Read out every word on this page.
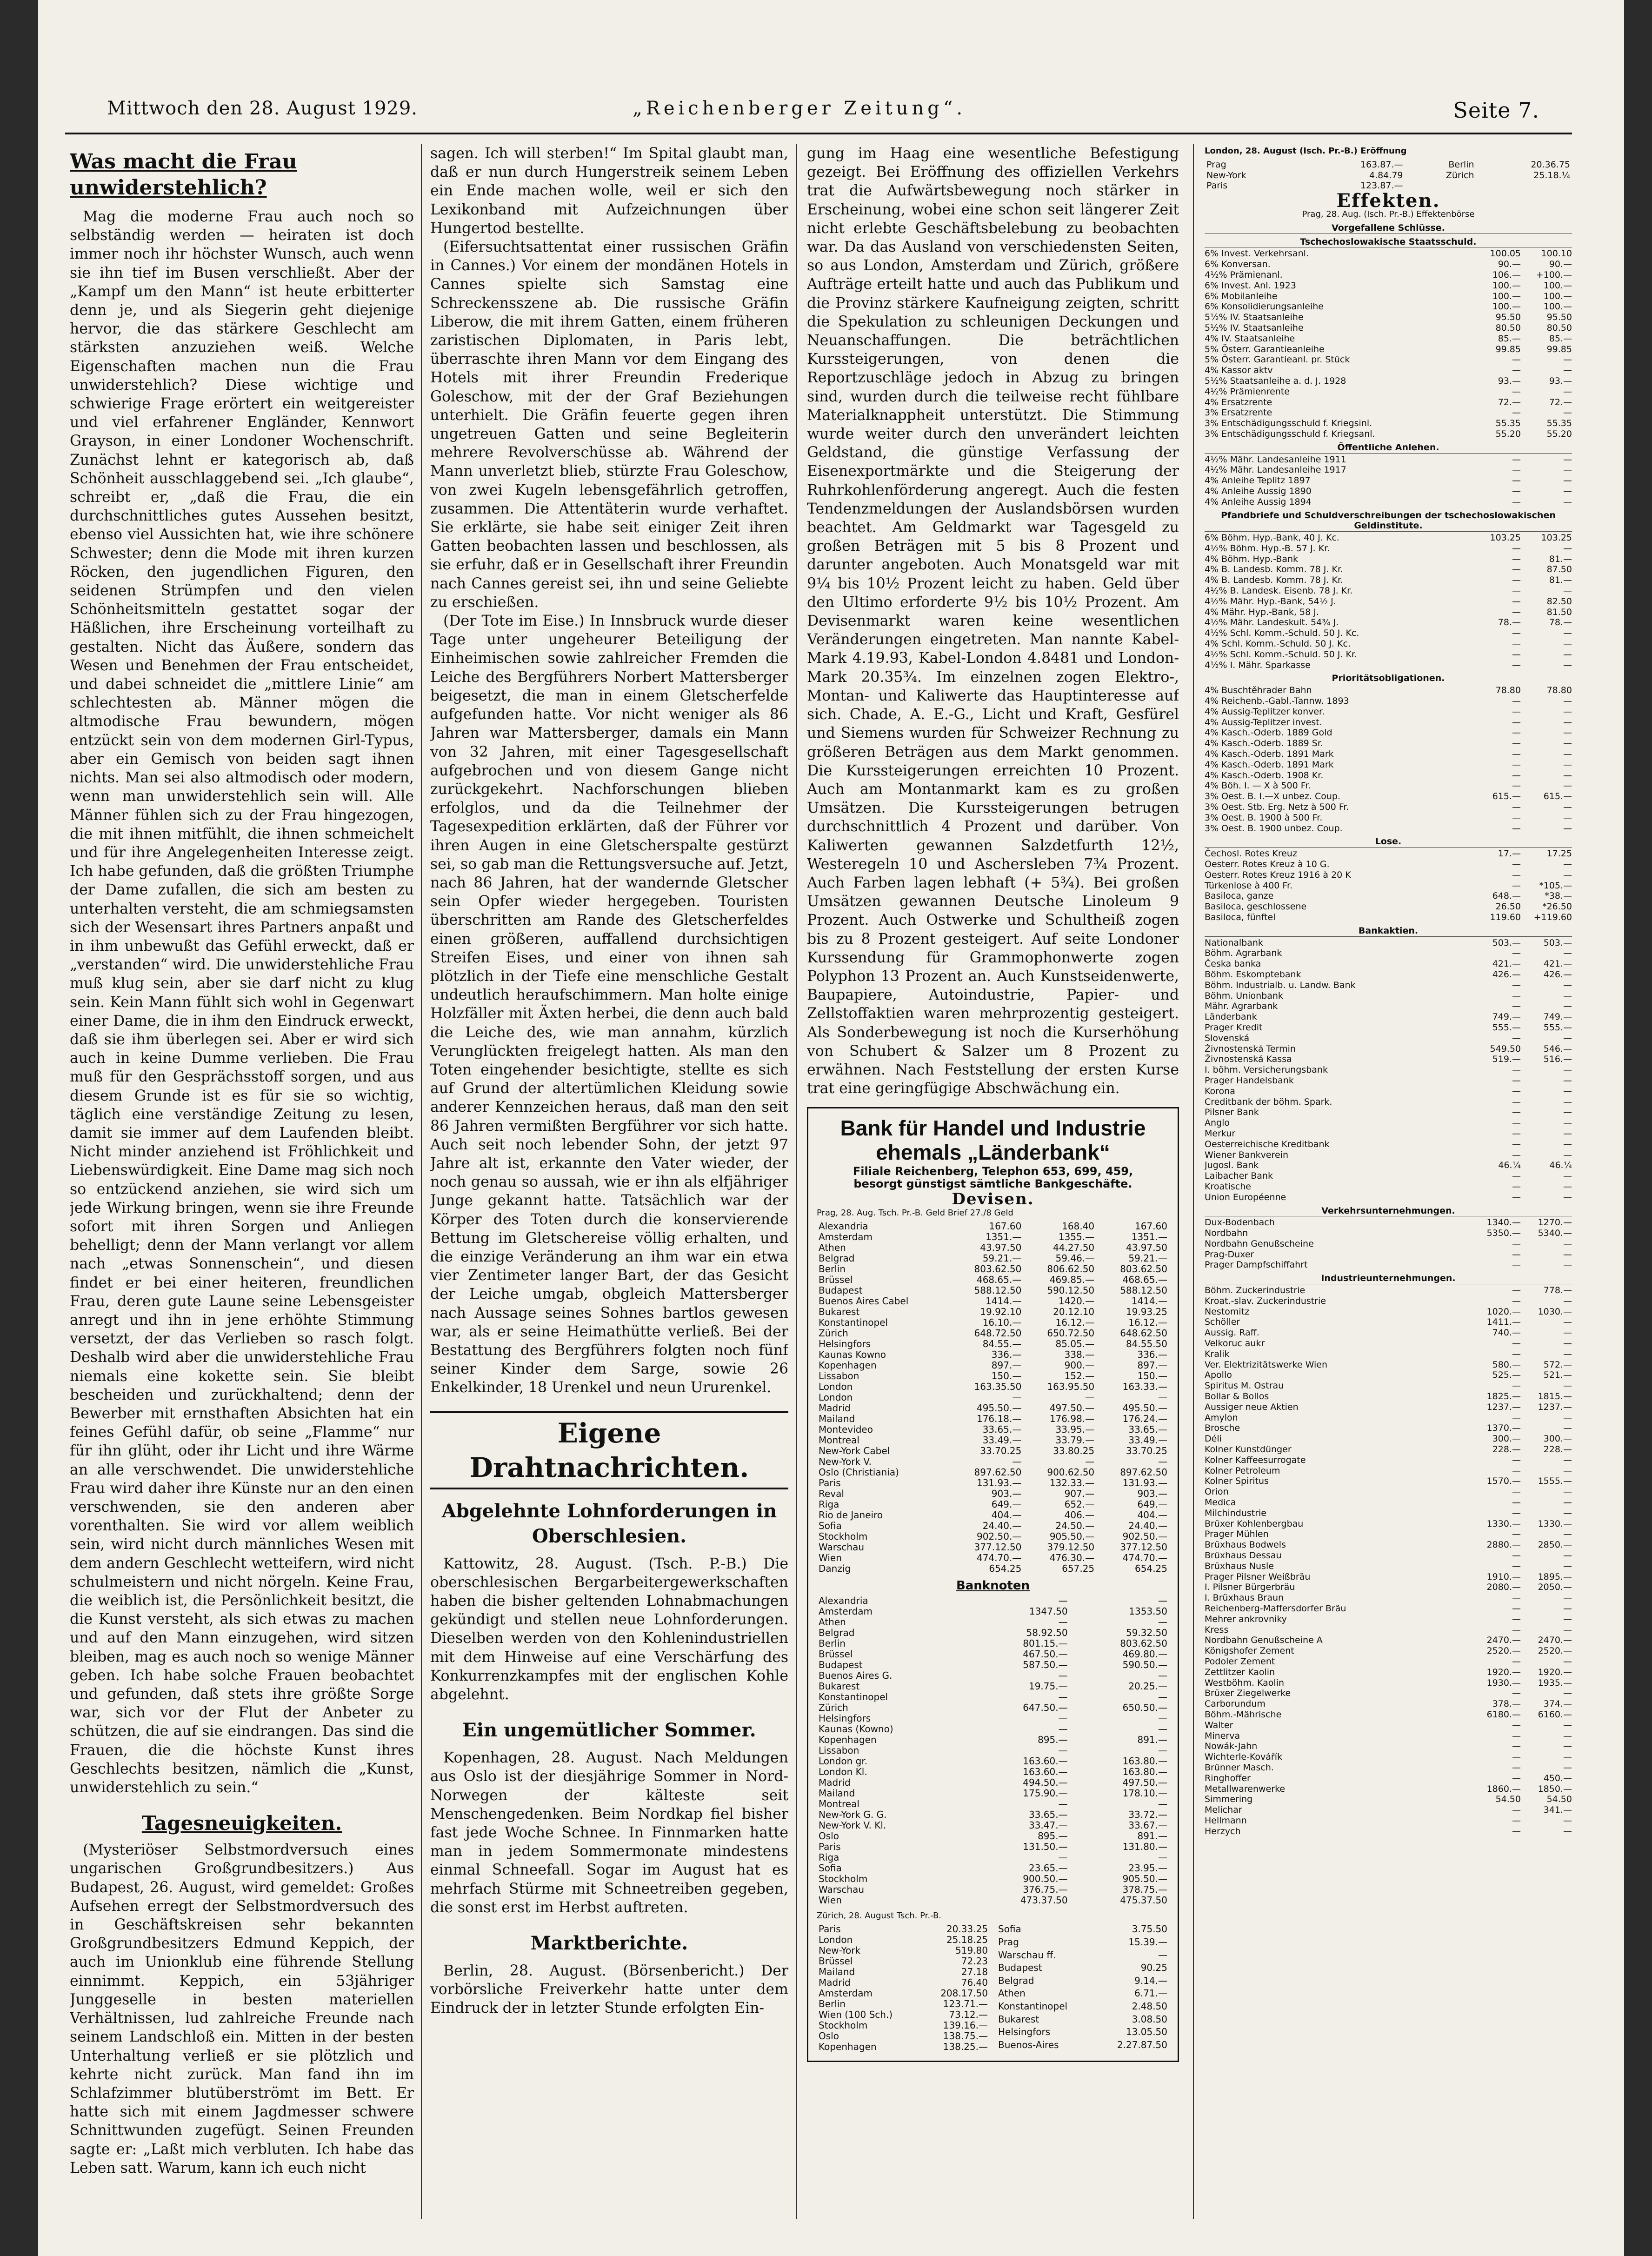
Mittwoch den 28. August 1929.	„Reichenberger Zeitung“.	Seite 7.
Was macht die Frau unwiderstehlich?

Mag die moderne Frau auch noch so selbständig werden — heiraten ist doch immer noch ihr höchster Wunsch, auch wenn sie ihn tief im Busen verschließt. Aber der „Kampf um den Mann“ ist heute erbitterter denn je, und als Siegerin geht diejenige hervor, die das stärkere Geschlecht am stärksten anzuziehen weiß. Welche Eigenschaften machen nun die Frau unwiderstehlich? Diese wichtige und schwierige Frage erörtert ein weitgereister und viel erfahrener Engländer, Kennwort Grayson, in einer Londoner Wochenschrift. Zunächst lehnt er kategorisch ab, daß Schönheit ausschlaggebend sei. „Ich glaube“, schreibt er, „daß die Frau, die ein durchschnittliches gutes Aussehen besitzt, ebenso viel Aussichten hat, wie ihre schönere Schwester; denn die Mode mit ihren kurzen Röcken, den jugendlichen Figuren, den seidenen Strümpfen und den vielen Schönheitsmitteln gestattet sogar der Häßlichen, ihre Erscheinung vorteilhaft zu gestalten. Nicht das Äußere, sondern das Wesen und Benehmen der Frau entscheidet, und dabei schneidet die „mittlere Linie“ am schlechtesten ab. Männer mögen die altmodische Frau bewundern, mögen entzückt sein von dem modernen Girl-Typus, aber ein Gemisch von beiden sagt ihnen nichts. Man sei also altmodisch oder modern, wenn man unwiderstehlich sein will. Alle Männer fühlen sich zu der Frau hingezogen, die mit ihnen mitfühlt, die ihnen schmeichelt und für ihre Angelegenheiten Interesse zeigt. Ich habe gefunden, daß die größten Triumphe der Dame zufallen, die sich am besten zu unterhalten versteht, die am schmiegsamsten sich der Wesensart ihres Partners anpaßt und in ihm unbewußt das Gefühl erweckt, daß er „verstanden“ wird. Die unwiderstehliche Frau muß klug sein, aber sie darf nicht zu klug sein. Kein Mann fühlt sich wohl in Gegenwart einer Dame, die in ihm den Eindruck erweckt, daß sie ihm überlegen sei. Aber er wird sich auch in keine Dumme verlieben. Die Frau muß für den Gesprächsstoff sorgen, und aus diesem Grunde ist es für sie so wichtig, täglich eine verständige Zeitung zu lesen, damit sie immer auf dem Laufenden bleibt. Nicht minder anziehend ist Fröhlichkeit und Liebenswürdigkeit. Eine Dame mag sich noch so entzückend anziehen, sie wird sich um jede Wirkung bringen, wenn sie ihre Freunde sofort mit ihren Sorgen und Anliegen behelligt; denn der Mann verlangt vor allem nach „etwas Sonnenschein“, und diesen findet er bei einer heiteren, freundlichen Frau, deren gute Laune seine Lebensgeister anregt und ihn in jene erhöhte Stimmung versetzt, der das Verlieben so rasch folgt. Deshalb wird aber die unwiderstehliche Frau niemals eine kokette sein. Sie bleibt bescheiden und zurückhaltend; denn der Bewerber mit ernsthaften Absichten hat ein feines Gefühl dafür, ob seine „Flamme“ nur für ihn glüht, oder ihr Licht und ihre Wärme an alle verschwendet. Die unwiderstehliche Frau wird daher ihre Künste nur an den einen verschwenden, sie den anderen aber vorenthalten. Sie wird vor allem weiblich sein, wird nicht durch männliches Wesen mit dem andern Geschlecht wetteifern, wird nicht schulmeistern und nicht nörgeln. Keine Frau, die weiblich ist, die Persönlichkeit besitzt, die die Kunst versteht, als sich etwas zu machen und auf den Mann einzugehen, wird sitzen bleiben, mag es auch noch so wenige Männer geben. Ich habe solche Frauen beobachtet und gefunden, daß stets ihre größte Sorge war, sich vor der Flut der Anbeter zu schützen, die auf sie eindrangen. Das sind die Frauen, die die höchste Kunst ihres Geschlechts besitzen, nämlich die „Kunst, unwiderstehlich zu sein.“

Tagesneuigkeiten.

(Mysteriöser Selbstmordversuch eines ungarischen Großgrundbesitzers.) Aus Budapest, 26. August, wird gemeldet: Großes Aufsehen erregt der Selbstmordversuch des in Geschäftskreisen sehr bekannten Großgrundbesitzers Edmund Keppich, der auch im Unionklub eine führende Stellung einnimmt. Keppich, ein 53jähriger Junggeselle in besten materiellen Verhältnissen, lud zahlreiche Freunde nach seinem Landschloß ein. Mitten in der besten Unterhaltung verließ er sie plötzlich und kehrte nicht zurück. Man fand ihn im Schlafzimmer blutüberströmt im Bett. Er hatte sich mit einem Jagdmesser schwere Schnittwunden zugefügt. Seinen Freunden sagte er: „Laßt mich verbluten. Ich habe das Leben satt. Warum, kann ich euch nicht

sagen. Ich will sterben!“ Im Spital glaubt man, daß er nun durch Hungerstreik seinem Leben ein Ende machen wolle, weil er sich den Lexikonband mit Aufzeichnungen über Hungertod bestellte.

(Eifersuchtsattentat einer russischen Gräfin in Cannes.) Vor einem der mondänen Hotels in Cannes spielte sich Samstag eine Schreckensszene ab. Die russische Gräfin Liberow, die mit ihrem Gatten, einem früheren zaristischen Diplomaten, in Paris lebt, überraschte ihren Mann vor dem Eingang des Hotels mit ihrer Freundin Frederique Goleschow, mit der der Graf Beziehungen unterhielt. Die Gräfin feuerte gegen ihren ungetreuen Gatten und seine Begleiterin mehrere Revolverschüsse ab. Während der Mann unverletzt blieb, stürzte Frau Goleschow, von zwei Kugeln lebensgefährlich getroffen, zusammen. Die Attentäterin wurde verhaftet. Sie erklärte, sie habe seit einiger Zeit ihren Gatten beobachten lassen und beschlossen, als sie erfuhr, daß er in Gesellschaft ihrer Freundin nach Cannes gereist sei, ihn und seine Geliebte zu erschießen.

(Der Tote im Eise.) In Innsbruck wurde dieser Tage unter ungeheurer Beteiligung der Einheimischen sowie zahlreicher Fremden die Leiche des Bergführers Norbert Mattersberger beigesetzt, die man in einem Gletscherfelde aufgefunden hatte. Vor nicht weniger als 86 Jahren war Mattersberger, damals ein Mann von 32 Jahren, mit einer Tagesgesellschaft aufgebrochen und von diesem Gange nicht zurückgekehrt. Nachforschungen blieben erfolglos, und da die Teilnehmer der Tagesexpedition erklärten, daß der Führer vor ihren Augen in eine Gletscherspalte gestürzt sei, so gab man die Rettungsversuche auf. Jetzt, nach 86 Jahren, hat der wandernde Gletscher sein Opfer wieder hergegeben. Touristen überschritten am Rande des Gletscherfeldes einen größeren, auffallend durchsichtigen Streifen Eises, und einer von ihnen sah plötzlich in der Tiefe eine menschliche Gestalt undeutlich heraufschimmern. Man holte einige Holzfäller mit Äxten herbei, die denn auch bald die Leiche des, wie man annahm, kürzlich Verunglückten freigelegt hatten. Als man den Toten eingehender besichtigte, stellte es sich auf Grund der altertümlichen Kleidung sowie anderer Kennzeichen heraus, daß man den seit 86 Jahren vermißten Bergführer vor sich hatte. Auch seit noch lebender Sohn, der jetzt 97 Jahre alt ist, erkannte den Vater wieder, der noch genau so aussah, wie er ihn als elfjähriger Junge gekannt hatte. Tatsächlich war der Körper des Toten durch die konservierende Bettung im Gletschereise völlig erhalten, und die einzige Veränderung an ihm war ein etwa vier Zentimeter langer Bart, der das Gesicht der Leiche umgab, obgleich Mattersberger nach Aussage seines Sohnes bartlos gewesen war, als er seine Heimathütte verließ. Bei der Bestattung des Bergführers folgten noch fünf seiner Kinder dem Sarge, sowie 26 Enkelkinder, 18 Urenkel und neun Ururenkel.

Eigene Drahtnachrichten.
Abgelehnte Lohnforderungen in Oberschlesien.

Kattowitz, 28. August. (Tsch. P.-B.) Die oberschlesischen Bergarbeitergewerkschaften haben die bisher geltenden Lohnabmachungen gekündigt und stellen neue Lohnforderungen. Dieselben werden von den Kohlenindustriellen mit dem Hinweise auf eine Verschärfung des Konkurrenzkampfes mit der englischen Kohle abgelehnt.

Ein ungemütlicher Sommer.

Kopenhagen, 28. August. Nach Meldungen aus Oslo ist der diesjährige Sommer in Nord-Norwegen der kälteste seit Menschengedenken. Beim Nordkap fiel bisher fast jede Woche Schnee. In Finnmarken hatte man in jedem Sommermonate mindestens einmal Schneefall. Sogar im August hat es mehrfach Stürme mit Schneetreiben gegeben, die sonst erst im Herbst auftreten.

Marktberichte.

Berlin, 28. August. (Börsenbericht.) Der vorbörsliche Freiverkehr hatte unter dem Eindruck der in letzter Stunde erfolgten Ein-

gung im Haag eine wesentliche Befestigung gezeigt. Bei Eröffnung des offiziellen Verkehrs trat die Aufwärtsbewegung noch stärker in Erscheinung, wobei eine schon seit längerer Zeit nicht erlebte Geschäftsbelebung zu beobachten war. Da das Ausland von verschiedensten Seiten, so aus London, Amsterdam und Zürich, größere Aufträge erteilt hatte und auch das Publikum und die Provinz stärkere Kaufneigung zeigten, schritt die Spekulation zu schleunigen Deckungen und Neuanschaffungen. Die beträchtlichen Kurssteigerungen, von denen die Reportzuschläge jedoch in Abzug zu bringen sind, wurden durch die teilweise recht fühlbare Materialknappheit unterstützt. Die Stimmung wurde weiter durch den unverändert leichten Geldstand, die günstige Verfassung der Eisenexportmärkte und die Steigerung der Ruhrkohlenförderung angeregt. Auch die festen Tendenzmeldungen der Auslandsbörsen wurden beachtet. Am Geldmarkt war Tagesgeld zu großen Beträgen mit 5 bis 8 Prozent und darunter angeboten. Auch Monatsgeld war mit 9¼ bis 10½ Prozent leicht zu haben. Geld über den Ultimo erforderte 9½ bis 10½ Prozent. Am Devisenmarkt waren keine wesentlichen Veränderungen eingetreten. Man nannte Kabel-Mark 4.19.93, Kabel-London 4.8481 und London-Mark 20.35¾. Im einzelnen zogen Elektro-, Montan- und Kaliwerte das Hauptinteresse auf sich. Chade, A. E.-G., Licht und Kraft, Gesfürel und Siemens wurden für Schweizer Rechnung zu größeren Beträgen aus dem Markt genommen. Die Kurssteigerungen erreichten 10 Prozent. Auch am Montanmarkt kam es zu großen Umsätzen. Die Kurssteigerungen betrugen durchschnittlich 4 Prozent und darüber. Von Kaliwerten gewannen Salzdetfurth 12½, Westeregeln 10 und Aschersleben 7¾ Prozent. Auch Farben lagen lebhaft (+ 5¾). Bei großen Umsätzen gewannen Deutsche Linoleum 9 Prozent. Auch Ostwerke und Schultheiß zogen bis zu 8 Prozent gesteigert. Auf seite Londoner Kurssendung für Grammophonwerte zogen Polyphon 13 Prozent an. Auch Kunstseidenwerte, Baupapiere, Autoindustrie, Papier- und Zellstoffaktien waren mehrprozentig gesteigert. Als Sonderbewegung ist noch die Kurserhöhung von Schubert & Salzer um 8 Prozent zu erwähnen. Nach Feststellung der ersten Kurse trat eine geringfügige Abschwächung ein.

Bank für Handel und Industrie ehemals „Länderbank“
Filiale Reichenberg, Telephon 653, 699, 459,
besorgt günstigst sämtliche Bankgeschäfte.
Devisen.
Prag, 28. Aug. Tsch. Pr.-B. Geld Brief 27./8 Geld
Alexandria	167.60	168.40	167.60
Amsterdam	1351.—	1355.—	1351.—
Athen	43.97.50	44.27.50	43.97.50
Belgrad	59.21.—	59.46.—	59.21.—
Berlin	803.62.50	806.62.50	803.62.50
Brüssel	468.65.—	469.85.—	468.65.—
Budapest	588.12.50	590.12.50	588.12.50
Buenos Aires Cabel	1414.—	1420.—	1414.—
Bukarest	19.92.10	20.12.10	19.93.25
Konstantinopel	16.10.—	16.12.—	16.12.—
Zürich	648.72.50	650.72.50	648.62.50
Helsingfors	84.55.—	85.05.—	84.55.50
Kaunas Kowno	336.—	338.—	336.—
Kopenhagen	897.—	900.—	897.—
Lissabon	150.—	152.—	150.—
London	163.35.50	163.95.50	163.33.—
London	—	—	—
Madrid	495.50.—	497.50.—	495.50.—
Mailand	176.18.—	176.98.—	176.24.—
Montevideo	33.65.—	33.95.—	33.65.—
Montreal	33.49.—	33.79.—	33.49.—
New-York Cabel	33.70.25	33.80.25	33.70.25
New-York V.	—	—	—
Oslo (Christiania)	897.62.50	900.62.50	897.62.50
Paris	131.93.—	132.33.—	131.93.—
Reval	903.—	907.—	903.—
Riga	649.—	652.—	649.—
Rio de Janeiro	404.—	406.—	404.—
Sofia	24.40.—	24.50.—	24.40.—
Stockholm	902.50.—	905.50.—	902.50.—
Warschau	377.12.50	379.12.50	377.12.50
Wien	474.70.—	476.30.—	474.70.—
Danzig	654.25	657.25	654.25
Banknoten
Alexandria	—	—
Amsterdam	1347.50	1353.50
Athen	—	—
Belgrad	58.92.50	59.32.50
Berlin	801.15.—	803.62.50
Brüssel	467.50.—	469.80.—
Budapest	587.50.—	590.50.—
Buenos Aires G.	—	—
Bukarest	19.75.—	20.25.—
Konstantinopel	—	—
Zürich	647.50.—	650.50.—
Helsingfors	—	—
Kaunas (Kowno)	—	—
Kopenhagen	895.—	891.—
Lissabon	—	—
London gr.	163.60.—	163.80.—
London Kl.	163.60.—	163.80.—
Madrid	494.50.—	497.50.—
Mailand	175.90.—	178.10.—
Montreal	—	—
New-York G. G.	33.65.—	33.72.—
New-York V. Kl.	33.47.—	33.67.—
Oslo	895.—	891.—
Paris	131.50.—	131.80.—
Riga	—	—
Sofia	23.65.—	23.95.—
Stockholm	900.50.—	905.50.—
Warschau	376.75.—	378.75.—
Wien	473.37.50	475.37.50
Zürich, 28. August Tsch. Pr.-B.
Paris	20.33.25
London	25.18.25
New-York	519.80
Brüssel	72.23
Mailand	27.18
Madrid	76.40
Amsterdam	208.17.50
Berlin	123.71.—
Wien (100 Sch.)	73.12.—
Stockholm	139.16.—
Oslo	138.75.—
Kopenhagen	138.25.—
Sofia	3.75.50
Prag	15.39.—
Warschau ff.	—
Budapest	90.25
Belgrad	9.14.—
Athen	6.71.—
Konstantinopel	2.48.50
Bukarest	3.08.50
Helsingfors	13.05.50
Buenos-Aires	2.27.87.50
London, 28. August (Isch. Pr.-B.) Eröffnung
Prag	163.87.—	Berlin	20.36.75
New-York	4.84.79	Zürich	25.18.¼
Paris	123.87.—		
Effekten.
Prag, 28. Aug. (Isch. Pr.-B.) Effektenbörse
Vorgefallene Schlüsse.
Tschechoslowakische Staatsschuld.
6% Invest. Verkehrsanl.	100.05	100.10
6% Konversan.	90.—	90.—
4½% Prämienanl.	106.—	+100.—
6% Invest. Anl. 1923	100.—	100.—
6% Mobilanleihe	100.—	100.—
6% Konsolidierungsanleihe	100.—	100.—
5½% IV. Staatsanleihe	95.50	95.50
5½% IV. Staatsanleihe	80.50	80.50
4% IV. Staatsanleihe	85.—	85.—
5% Österr. Garantieanleihe	99.85	99.85
5% Österr. Garantieanl. pr. Stück	—	—
4% Kassor aktv	—	—
5½% Staatsanleihe a. d. J. 1928	93.—	93.—
4½% Prämienrente	—	—
4% Ersatzrente	72.—	72.—
3% Ersatzrente	—	—
3% Entschädigungsschuld f. Kriegsinl.	55.35	55.35
3% Entschädigungsschuld f. Kriegsanl.	55.20	55.20
Öffentliche Anlehen.
4½% Mähr. Landesanleihe 1911	—	—
4½% Mähr. Landesanleihe 1917	—	—
4% Anleihe Teplitz 1897	—	—
4% Anleihe Aussig 1890	—	—
4% Anleihe Aussig 1894	—	—
Pfandbriefe und Schuldverschreibungen der tschechoslowakischen Geldinstitute.
6% Böhm. Hyp.-Bank, 40 J. Kc.	103.25	103.25
4½% Böhm. Hyp.-B. 57 J. Kr.	—	—
4% Böhm. Hyp.-Bank	—	81.—
4% B. Landesb. Komm. 78 J. Kr.	—	87.50
4% B. Landesb. Komm. 78 J. Kr.	—	81.—
4½% B. Landesk. Eisenb. 78 J. Kr.	—	—
4½% Mähr. Hyp.-Bank, 54½ J.	—	82.50
4% Mähr. Hyp.-Bank, 58 J.	—	81.50
4½% Mähr. Landeskult. 54¾ J.	78.—	78.—
4½% Schl. Komm.-Schuld. 50 J. Kc.	—	—
4% Schl. Komm.-Schuld. 50 J. Kc.	—	—
4½% Schl. Komm.-Schuld. 50 J. Kr.	—	—
4½% I. Mähr. Sparkasse	—	—
Prioritätsobligationen.
4% Buschtěhrader Bahn	78.80	78.80
4% Reichenb.-Gabl.-Tannw. 1893	—	—
4% Aussig-Teplitzer konver.	—	—
4% Aussig-Teplitzer invest.	—	—
4% Kasch.-Oderb. 1889 Gold	—	—
4% Kasch.-Oderb. 1889 Sr.	—	—
4% Kasch.-Oderb. 1891 Mark	—	—
4% Kasch.-Oderb. 1891 Mark	—	—
4% Kasch.-Oderb. 1908 Kr.	—	—
4% Böh. I. — X à 500 Fr.	—	—
3% Oest. B. I.—X unbez. Coup.	615.—	615.—
3% Oest. Stb. Erg. Netz à 500 Fr.	—	—
3% Oest. B. 1900 à 500 Fr.	—	—
3% Oest. B. 1900 unbez. Coup.	—	—
Lose.
Čechosl. Rotes Kreuz	17.—	17.25
Oesterr. Rotes Kreuz à 10 G.	—	—
Oesterr. Rotes Kreuz 1916 à 20 K	—	—
Türkenlose à 400 Fr.	—	*105.—
Basiloca, ganze	648.—	*38.—
Basiloca, geschlossene	26.50	*26.50
Basiloca, fünftel	119.60	+119.60
Bankaktien.
Nationalbank	503.—	503.—
Böhm. Agrarbank	—	—
Česka banka	421.—	421.—
Böhm. Eskomptebank	426.—	426.—
Böhm. Industrialb. u. Landw. Bank	—	—
Böhm. Unionbank	—	—
Mähr. Agrarbank	—	—
Länderbank	749.—	749.—
Prager Kredit	555.—	555.—
Slovenská	—	—
Živnostenská Termin	549.50	546.—
Živnostenská Kassa	519.—	516.—
I. böhm. Versicherungsbank	—	—
Prager Handelsbank	—	—
Korona	—	—
Creditbank der böhm. Spark.	—	—
Pilsner Bank	—	—
Anglo	—	—
Merkur	—	—
Oesterreichische Kreditbank	—	—
Wiener Bankverein	—	—
Jugosl. Bank	46.¼	46.¼
Laibacher Bank	—	—
Kroatische	—	—
Union Européenne	—	—
Verkehrsunternehmungen.
Dux-Bodenbach	1340.—	1270.—
Nordbahn	5350.—	5340.—
Nordbahn Genußscheine	—	—
Prag-Duxer	—	—
Prager Dampfschiffahrt	—	—
Industrieunternehmungen.
Böhm. Zuckerindustrie	—	778.—
Kroat.-slav. Zuckerindustrie	—	—
Nestomitz	1020.—	1030.—
Schöller	1411.—	—
Aussig. Raff.	740.—	—
Velkoruc aukr	—	—
Kralik	—	—
Ver. Elektrizitätswerke Wien	580.—	572.—
Apollo	525.—	521.—
Spiritus M. Ostrau	—	—
Bollar & Bollos	1825.—	1815.—
Aussiger neue Aktien	1237.—	1237.—
Amylon	—	—
Brosche	1370.—	—
Déli	300.—	300.—
Kolner Kunstdünger	228.—	228.—
Kolner Kaffeesurrogate	—	—
Kolner Petroleum	—	—
Kolner Spiritus	1570.—	1555.—
Orion	—	—
Medica	—	—
Milchindustrie	—	—
Brüxer Kohlenbergbau	1330.—	1330.—
Prager Mühlen	—	—
Brüxhaus Bodwels	2880.—	2850.—
Brüxhaus Dessau	—	—
Brüxhaus Nusle	—	—
Prager Pilsner Weißbräu	1910.—	1895.—
I. Pilsner Bürgerbräu	2080.—	2050.—
I. Brüxhaus Braun	—	—
Reichenberg-Maffersdorfer Bräu	—	—
Mehrer ankrovniky	—	—
Kress	—	—
Nordbahn Genußscheine A	2470.—	2470.—
Königshofer Zement	2520.—	2520.—
Podoler Zement	—	—
Zettlitzer Kaolin	1920.—	1920.—
Westböhm. Kaolin	1930.—	1935.—
Brüxer Ziegelwerke	—	—
Carborundum	378.—	374.—
Böhm.-Mährische	6180.—	6160.—
Walter	—	—
Minerva	—	—
Nowák-Jahn	—	—
Wichterle-Kovářík	—	—
Brünner Masch.	—	—
Ringhoffer	—	450.—
Metallwarenwerke	1860.—	1850.—
Simmering	54.50	54.50
Melichar	—	341.—
Hellmann	—	—
Herzych	—	—
